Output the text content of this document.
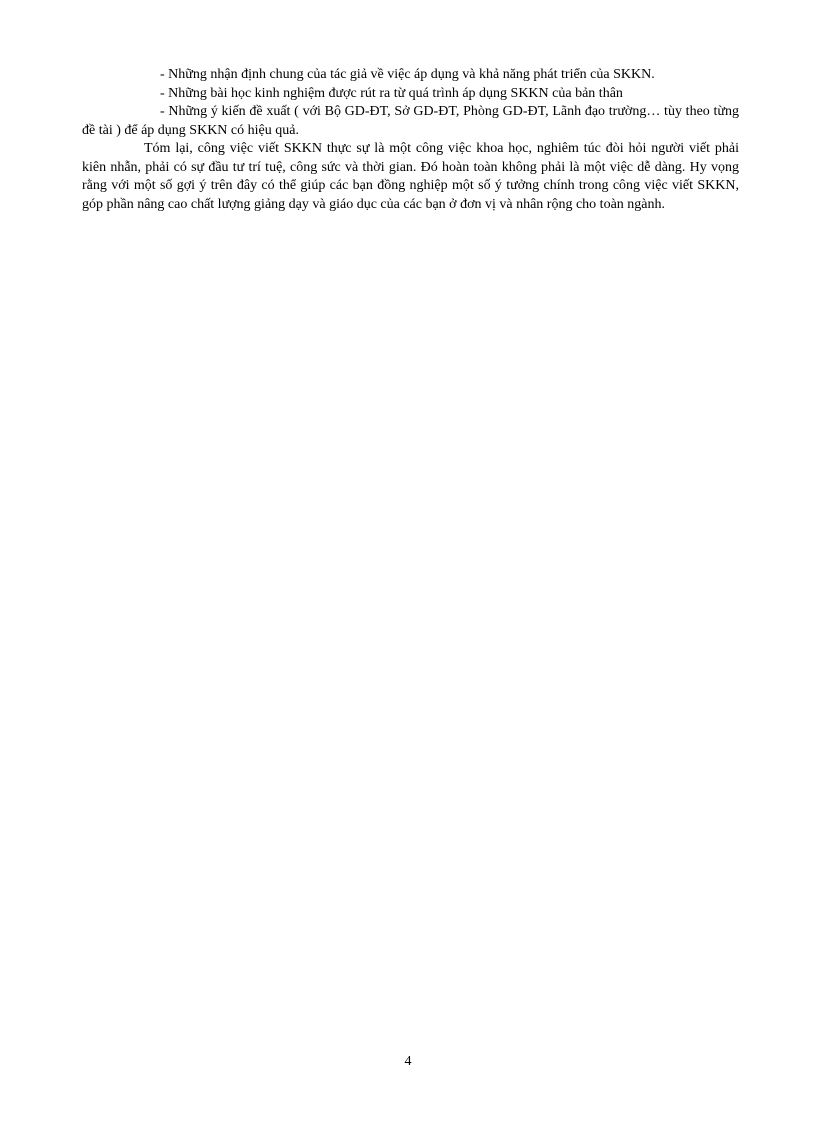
- Những nhận định chung của tác giả về việc áp dụng và khả năng phát triển của SKKN.

- Những bài học kinh nghiệm được rút ra từ quá trình áp dụng SKKN của bản thân

- Những ý kiến đề xuất ( với Bộ GD-ĐT, Sở GD-ĐT, Phòng GD-ĐT, Lãnh đạo trường… tùy theo từng đề tài ) để áp dụng SKKN có hiệu quả.

Tóm lại, công việc viết SKKN thực sự là một công việc khoa học, nghiêm túc đòi hỏi người viết phải kiên nhẫn, phải có sự đầu tư trí tuệ, công sức và thời gian. Đó hoàn toàn không phải là một việc dễ dàng. Hy vọng rằng với một số gợi ý trên đây có thể giúp các bạn đồng nghiệp một số ý tưởng chính trong công việc viết SKKN, góp phần nâng cao chất lượng giảng dạy và giáo dục của các bạn ở đơn vị và nhân rộng cho toàn ngành.

4
